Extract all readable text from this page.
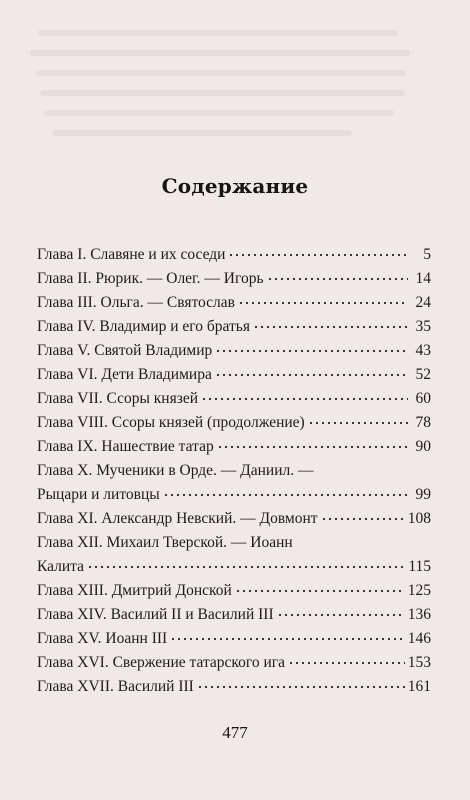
Содержание
Глава I. Славяне и их соседи	5
Глава II. Рюрик. — Олег. — Игорь	14
Глава III. Ольга. — Святослав	24
Глава IV. Владимир и его братья	35
Глава V. Святой Владимир	43
Глава VI. Дети Владимира	52
Глава VII. Ссоры князей	60
Глава VIII. Ссоры князей (продолжение)	78
Глава IX. Нашествие татар	90
Глава X. Мученики в Орде. — Даниил. —
Рыцари и литовцы	99
Глава XI. Александр Невский. — Довмонт	108
Глава XII. Михаил Тверской. — Иоанн
Калита	115
Глава XIII. Дмитрий Донской	125
Глава XIV. Василий II и Василий III	136
Глава XV. Иоанн III	146
Глава XVI. Свержение татарского ига	153
Глава XVII. Василий III	161
477
